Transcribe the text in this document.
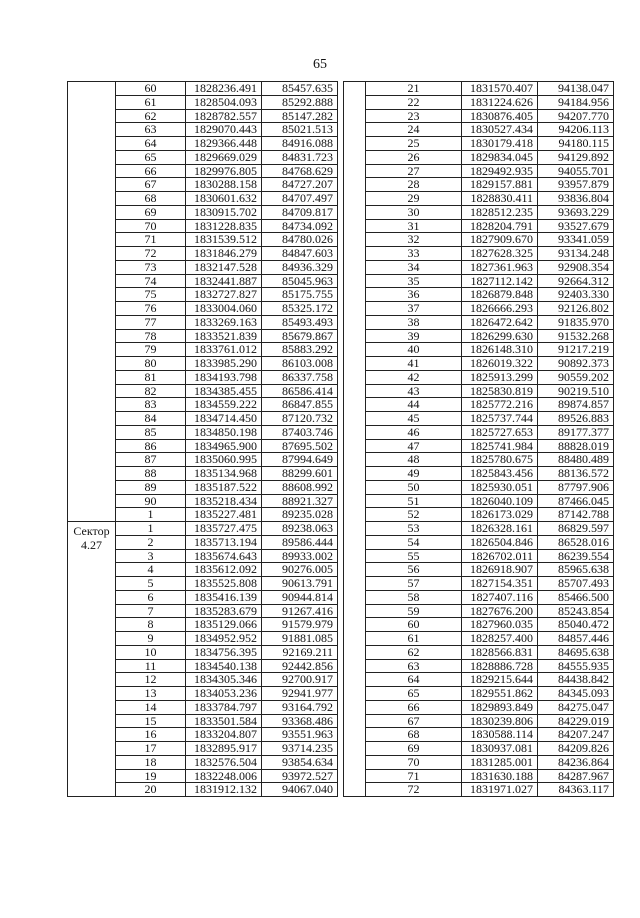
65
	60	1828236.491	85457.635
	61	1828504.093	85292.888
	62	1828782.557	85147.282
	63	1829070.443	85021.513
	64	1829366.448	84916.088
	65	1829669.029	84831.723
	66	1829976.805	84768.629
	67	1830288.158	84727.207
	68	1830601.632	84707.497
	69	1830915.702	84709.817
	70	1831228.835	84734.092
	71	1831539.512	84780.026
	72	1831846.279	84847.603
	73	1832147.528	84936.329
	74	1832441.887	85045.963
	75	1832727.827	85175.755
	76	1833004.060	85325.172
	77	1833269.163	85493.493
	78	1833521.839	85679.867
	79	1833761.012	85883.292
	80	1833985.290	86103.008
	81	1834193.798	86337.758
	82	1834385.455	86586.414
	83	1834559.222	86847.855
	84	1834714.450	87120.732
	85	1834850.198	87403.746
	86	1834965.900	87695.502
	87	1835060.995	87994.649
	88	1835134.968	88299.601
	89	1835187.522	88608.992
	90	1835218.434	88921.327
	1	1835227.481	89235.028
Сектор 4.27	1	1835727.475	89238.063
	2	1835713.194	89586.444
	3	1835674.643	89933.002
	4	1835612.092	90276.005
	5	1835525.808	90613.791
	6	1835416.139	90944.814
	7	1835283.679	91267.416
	8	1835129.066	91579.979
	9	1834952.952	91881.085
	10	1834756.395	92169.211
	11	1834540.138	92442.856
	12	1834305.346	92700.917
	13	1834053.236	92941.977
	14	1833784.797	93164.792
	15	1833501.584	93368.486
	16	1833204.807	93551.963
	17	1832895.917	93714.235
	18	1832576.504	93854.634
	19	1832248.006	93972.527
	20	1831912.132	94067.040
	21	1831570.407	94138.047
	22	1831224.626	94184.956
	23	1830876.405	94207.770
	24	1830527.434	94206.113
	25	1830179.418	94180.115
	26	1829834.045	94129.892
	27	1829492.935	94055.701
	28	1829157.881	93957.879
	29	1828830.411	93836.804
	30	1828512.235	93693.229
	31	1828204.791	93527.679
	32	1827909.670	93341.059
	33	1827628.325	93134.248
	34	1827361.963	92908.354
	35	1827112.142	92664.312
	36	1826879.848	92403.330
	37	1826666.293	92126.802
	38	1826472.642	91835.970
	39	1826299.630	91532.268
	40	1826148.310	91217.219
	41	1826019.322	90892.373
	42	1825913.299	90559.202
	43	1825830.819	90219.510
	44	1825772.216	89874.857
	45	1825737.744	89526.883
	46	1825727.653	89177.377
	47	1825741.984	88828.019
	48	1825780.675	88480.489
	49	1825843.456	88136.572
	50	1825930.051	87797.906
	51	1826040.109	87466.045
	52	1826173.029	87142.788
	53	1826328.161	86829.597
	54	1826504.846	86528.016
	55	1826702.011	86239.554
	56	1826918.907	85965.638
	57	1827154.351	85707.493
	58	1827407.116	85466.500
	59	1827676.200	85243.854
	60	1827960.035	85040.472
	61	1828257.400	84857.446
	62	1828566.831	84695.638
	63	1828886.728	84555.935
	64	1829215.644	84438.842
	65	1829551.862	84345.093
	66	1829893.849	84275.047
	67	1830239.806	84229.019
	68	1830588.114	84207.247
	69	1830937.081	84209.826
	70	1831285.001	84236.864
	71	1831630.188	84287.967
	72	1831971.027	84363.117
